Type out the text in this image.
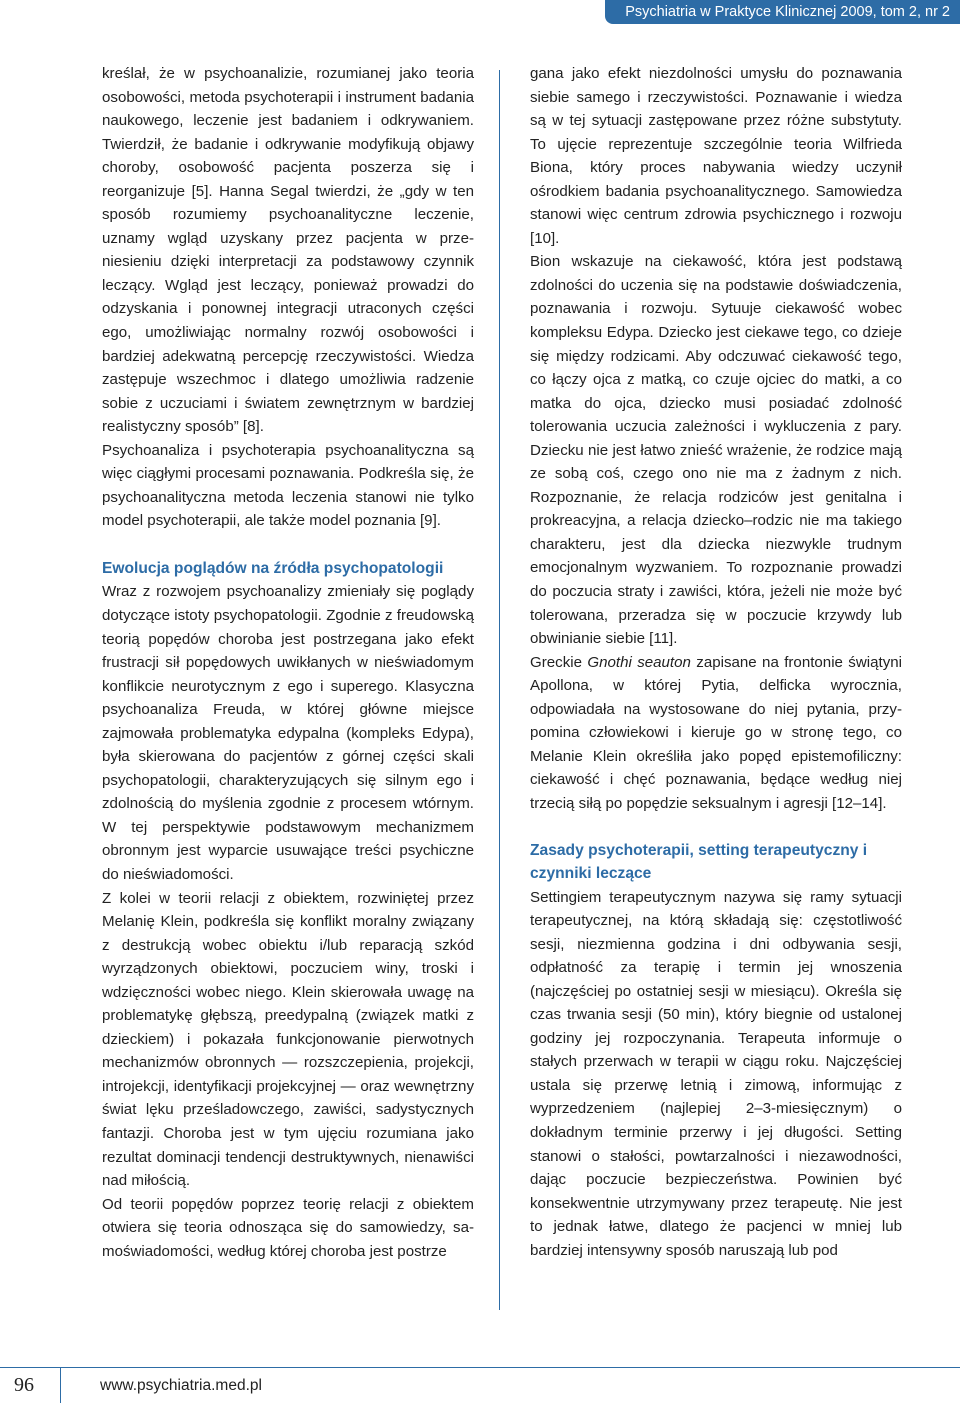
Psychiatria w Praktyce Klinicznej 2009, tom 2, nr 2

kreślał, że w psychoanalizie, rozumianej jako teoria osobowości, metoda psychoterapii i instrument badania naukowego, leczenie jest badaniem i odkrywaniem. Twierdził, że badanie i odkrywanie modyfikują objawy choroby, osobowość pacjenta poszerza się i reorganizuje [5]. Hanna Segal twierdzi, że „gdy w ten sposób rozumiemy psychoanalityczne leczenie, uznamy wgląd uzyskany przez pacjenta w przeniesieniu dzięki interpretacji za podstawowy czynnik leczący. Wgląd jest leczący, ponieważ prowadzi do odzyskania i ponownej integracji utraconych części ego, umożliwiając normalny rozwój osobowości i bardziej adekwatną percepcję rzeczywistości. Wiedza zastępuje wszechmoc i dlatego umożliwia radzenie sobie z uczuciami i światem zewnętrznym w bardziej realistyczny sposób” [8].

Psychoanaliza i psychoterapia psychoanalityczna są więc ciągłymi procesami poznawania. Podkreśla się, że psychoanalityczna metoda leczenia stanowi nie tylko model psychoterapii, ale także model poznania [9].

Ewolucja poglądów na źródła psychopatologii

Wraz z rozwojem psychoanalizy zmieniały się poglądy dotyczące istoty psychopatologii. Zgodnie z freudowską teorią popędów choroba jest postrzegana jako efekt frustracji sił popędowych uwikłanych w nieświadomym konflikcie neurotycznym z ego i superego. Klasyczna psychoanaliza Freuda, w której główne miejsce zajmowała problematyka edypalna (kompleks Edypa), była skierowana do pacjentów z górnej części skali psychopatologii, charakteryzujących się silnym ego i zdolnością do myślenia zgodnie z procesem wtórnym. W tej perspektywie podstawowym mechanizmem obronnym jest wyparcie usuwające treści psychiczne do nieświadomości.

Z kolei w teorii relacji z obiektem, rozwiniętej przez Melanię Klein, podkreśla się konflikt moralny związany z destrukcją wobec obiektu i/lub reparacją szkód wyrządzonych obiektowi, poczuciem winy, troski i wdzięczności wobec niego. Klein skierowała uwagę na problematykę głębszą, preedypalną (związek matki z dzieckiem) i pokazała funkcjonowanie pierwotnych mechanizmów obronnych — rozszczepienia, projekcji, introjekcji, identyfikacji projekcyjnej — oraz wewnętrzny świat lęku prześladowczego, zawiści, sadystycznych fantazji. Choroba jest w tym ujęciu rozumiana jako rezultat dominacji tendencji destruktywnych, nienawiści nad miłością.

Od teorii popędów poprzez teorię relacji z obiektem otwiera się teoria odnosząca się do samowiedzy, samoświadomości, według której choroba jest postrze

gana jako efekt niezdolności umysłu do poznawania siebie samego i rzeczywistości. Poznawanie i wiedza są w tej sytuacji zastępowane przez różne substytuty. To ujęcie reprezentuje szczególnie teoria Wilfrieda Biona, który proces nabywania wiedzy uczynił ośrodkiem badania psychoanalitycznego. Samowiedza stanowi więc centrum zdrowia psychicznego i rozwoju [10].

Bion wskazuje na ciekawość, która jest podstawą zdolności do uczenia się na podstawie doświadczenia, poznawania i rozwoju. Sytuuje ciekawość wobec kompleksu Edypa. Dziecko jest ciekawe tego, co dzieje się między rodzicami. Aby odczuwać ciekawość tego, co łączy ojca z matką, co czuje ojciec do matki, a co matka do ojca, dziecko musi posiadać zdolność tolerowania uczucia zależności i wykluczenia z pary. Dziecku nie jest łatwo znieść wrażenie, że rodzice mają ze sobą coś, czego ono nie ma z żadnym z nich. Rozpoznanie, że relacja rodziców jest genitalna i prokreacyjna, a relacja dziecko–rodzic nie ma takiego charakteru, jest dla dziecka niezwykle trudnym emocjonalnym wyzwaniem. To rozpoznanie prowadzi do poczucia straty i zawiści, która, jeżeli nie może być tolerowana, przeradza się w poczucie krzywdy lub obwinianie siebie [11].

Greckie Gnothi seauton zapisane na frontonie świątyni Apollona, w której Pytia, delficka wyrocznia, odpowiadała na wystosowane do niej pytania, przypomina człowiekowi i kieruje go w stronę tego, co Melanie Klein określiła jako popęd epistemofiliczny: ciekawość i chęć poznawania, będące według niej trzecią siłą po popędzie seksualnym i agresji [12–14].

Zasady psychoterapii, setting terapeutyczny i czynniki leczące

Settingiem terapeutycznym nazywa się ramy sytuacji terapeutycznej, na którą składają się: częstotliwość sesji, niezmienna godzina i dni odbywania sesji, odpłatność za terapię i termin jej wnoszenia (najczęściej po ostatniej sesji w miesiącu). Określa się czas trwania sesji (50 min), który biegnie od ustalonej godziny jej rozpoczynania. Terapeuta informuje o stałych przerwach w terapii w ciągu roku. Najczęściej ustala się przerwę letnią i zimową, informując z wyprzedzeniem (najlepiej 2–3-miesięcznym) o dokładnym terminie przerwy i jej długości. Setting stanowi o stałości, powtarzalności i niezawodności, dając poczucie bezpieczeństwa. Powinien być konsekwentnie utrzymywany przez terapeutę. Nie jest to jednak łatwe, dlatego że pacjenci w mniej lub bardziej intensywny sposób naruszają lub pod

96	www.psychiatria.med.pl
